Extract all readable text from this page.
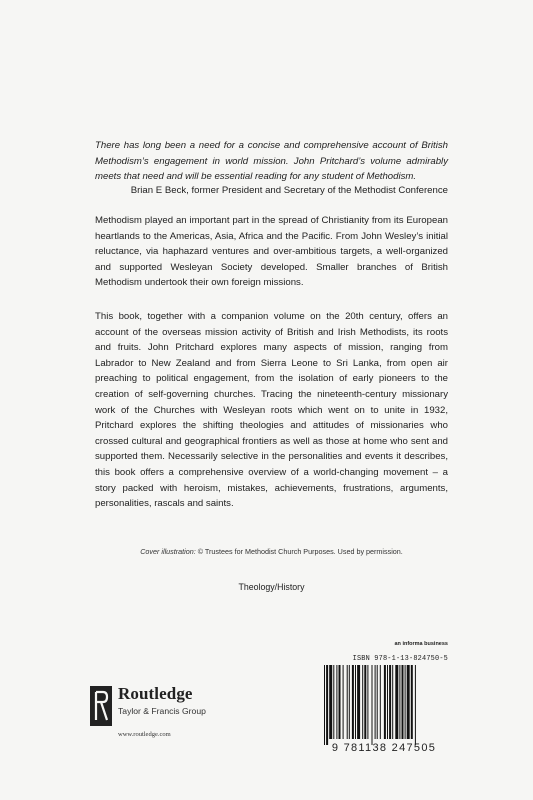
There has long been a need for a concise and comprehensive account of British Methodism’s engagement in world mission. John Pritchard’s volume admirably meets that need and will be essential reading for any student of Methodism.

Brian E Beck, former President and Secretary of the Methodist Conference

Methodism played an important part in the spread of Christianity from its European heartlands to the Americas, Asia, Africa and the Pacific. From John Wesley’s initial reluctance, via haphazard ventures and over-ambitious targets, a well-organized and supported Wesleyan Society developed. Smaller branches of British Methodism undertook their own foreign missions.

This book, together with a companion volume on the 20th century, offers an account of the overseas mission activity of British and Irish Methodists, its roots and fruits. John Pritchard explores many aspects of mission, ranging from Labrador to New Zealand and from Sierra Leone to Sri Lanka, from open air preaching to political engagement, from the isolation of early pioneers to the creation of self-governing churches. Tracing the nineteenth-century missionary work of the Churches with Wesleyan roots which went on to unite in 1932, Pritchard explores the shifting theologies and attitudes of missionaries who crossed cultural and geographical frontiers as well as those at home who sent and supported them. Necessarily selective in the personalities and events it describes, this book offers a comprehensive overview of a world-changing movement – a story packed with heroism, mistakes, achievements, frustrations, arguments, personalities, rascals and saints.

Cover illustration: © Trustees for Methodist Church Purposes. Used by permission.

Theology/History

Routledge
Taylor & Francis Group
www.routledge.com
an informa business
ISBN 978-1-13-824750-5
9 781138 247505
